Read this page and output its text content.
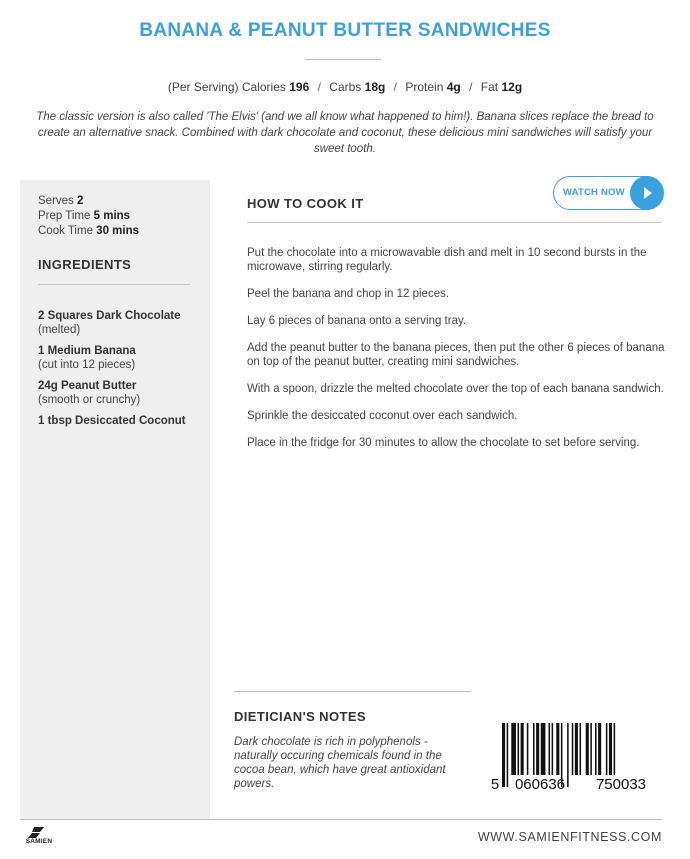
BANANA & PEANUT BUTTER SANDWICHES
(Per Serving) Calories 196 / Carbs 18g / Protein 4g / Fat 12g

The classic version is also called 'The Elvis' (and we all know what happened to him!). Banana slices replace the bread to create an alternative snack. Combined with dark chocolate and coconut, these delicious mini sandwiches will satisfy your sweet tooth.

Serves 2
Prep Time 5 mins
Cook Time 30 mins
INGREDIENTS
2 Squares Dark Chocolate
(melted)
1 Medium Banana
(cut into 12 pieces)
24g Peanut Butter
(smooth or crunchy)
1 tbsp Desiccated Coconut
HOW TO COOK IT
WATCH NOW
Put the chocolate into a microwavable dish and melt in 10 second bursts in the microwave, stirring regularly.
Peel the banana and chop in 12 pieces.
Lay 6 pieces of banana onto a serving tray.
Add the peanut butter to the banana pieces, then put the other 6 pieces of banana on top of the peanut butter, creating mini sandwiches.
With a spoon, drizzle the melted chocolate over the top of each banana sandwich.
Sprinkle the desiccated coconut over each sandwich.
Place in the fridge for 30 minutes to allow the chocolate to set before serving.
DIETICIAN'S NOTES

Dark chocolate is rich in polyphenols - naturally occuring chemicals found in the cocoa bean, which have great antioxidant powers.	5 060636 750033
SAMIEN	WWW.SAMIENFITNESS.COM
